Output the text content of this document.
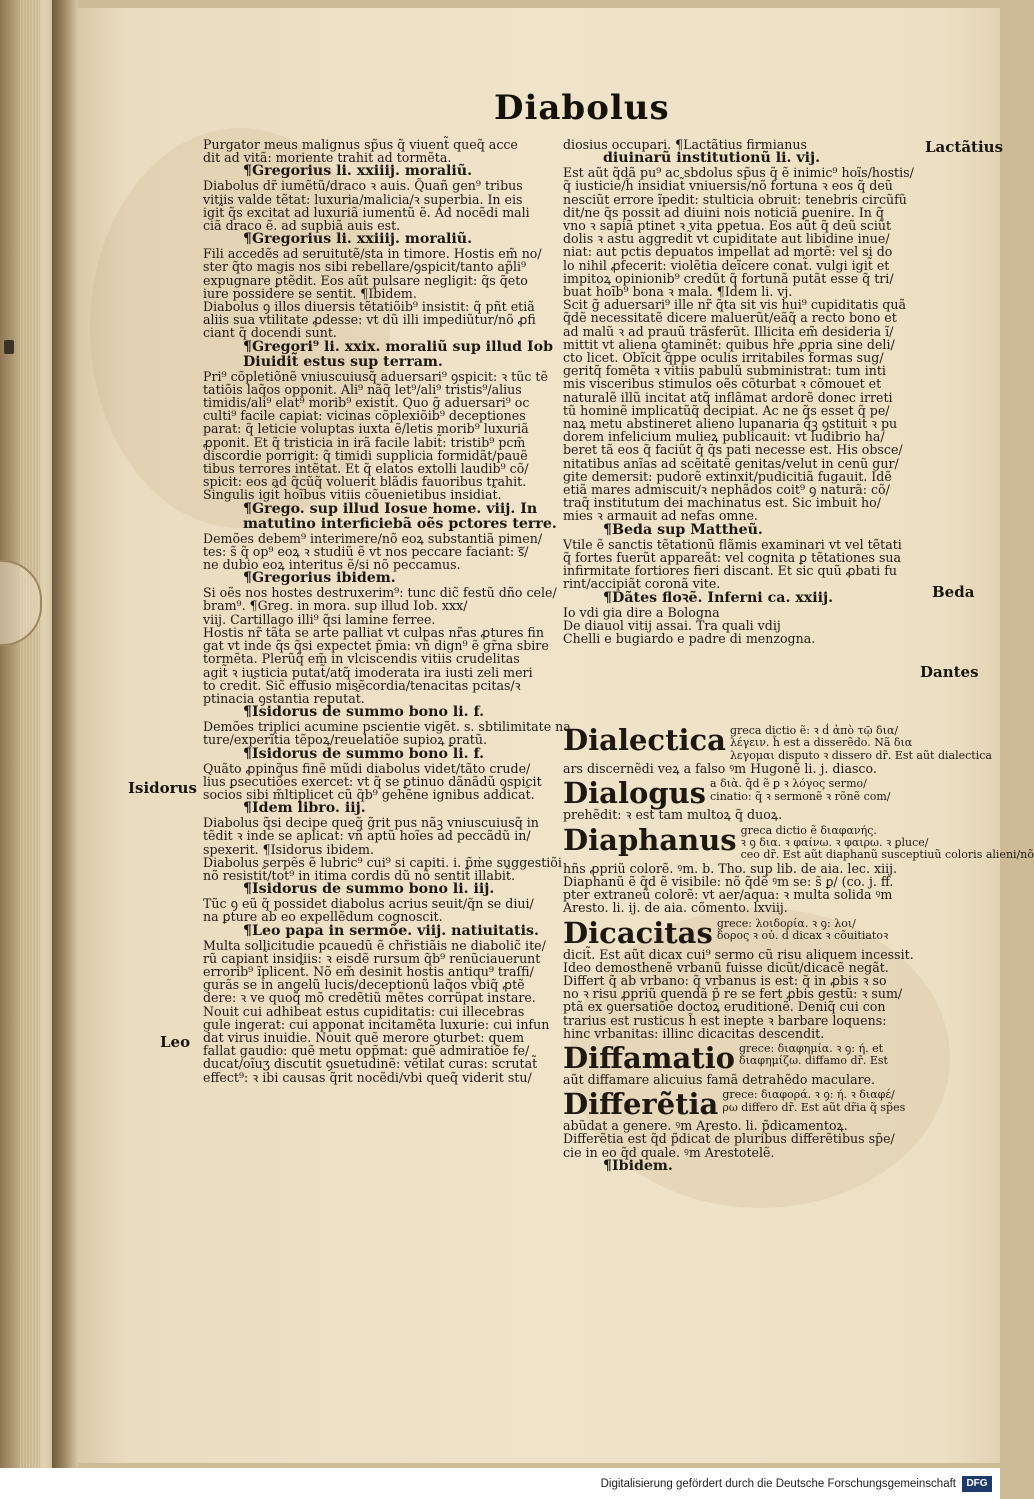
Diabolus
Lactãtius
Beda
Dantes
Isidorus
Leo
Purgator meus malignus sp̃us q̃ viuent̃ queq̃ acce
dit ad vitã: moriente trahit ad tormẽta.
¶Gregorius li. xxiiij. moraliũ.
Diabolus dr̃ iumẽtũ/draco ꝛ auis. Q̃uañ gen⁹ tribus
vitiis valde tẽtat: luxuria/malicia/ꝛ superbia. In eis
igit̃ q̃s excitat ad luxuriã iumentũ ẽ. Ad nocẽdi mali
ciã draco ẽ. ad supbiã auis est.
¶Gregorius li. xxiiij. moraliũ.
Fili accedẽs ad seruitutẽ/sta in timore. Hostis em̃ no/
ster q̃to magis nos sibi rebellare/ꝯspicit/tanto ap̃li⁹
expugnare ꝑtẽdit. Eos aũt pulsare negligit: q̃s q̃eto
iure possidere se sentit. ¶Ibidem.
Diabolus ꝯ illos diuersis tẽtatiõib⁹ insistit: q̃ pñt etiã
aliis sua vtilitate ꝓdesse: vt dũ illi impediũtur/nõ ꝓfi
ciant q̃ docendi sunt.
¶Gregori⁹ li. xxix. moraliũ sup illud Iob
Diuidit̃ estus sup terram.
Pri⁹ cõpletiõnẽ vniuscuiusq̃ aduersari⁹ ꝯspicit: ꝛ tũc tẽ
tatiõis laq̃os opponit. Ali⁹ nãq̃ let⁹/ali⁹ tristis⁹/alius
timidis/ali⁹ elat⁹ morib⁹ existit. Quo g̃ aduersari⁹ oc
culti⁹ facile capiat: vicinas cõplexiõib⁹ deceptiones
parat: q̃ leticie voluptas iuxta ẽ/letis morib⁹ luxuriã
ꝓponit. Et q̃ tristicia in irã facile labit̃: tristib⁹ pcm̃
discordie porrigit: q̃ timidi supplicia formidãt/pauẽ
tibus terrores intẽtat. Et q̃ elatos extolli laudib⁹ cõ/
spicit: eos ad q̃cũq̃ voluerit blãdis fauoribus trahit.
Singulis igit̃ hoĩbus vitiis cõuenietibus insidiat̃.
¶Grego. sup illud Iosue home. viij. In
matutino interficiebã oẽs pctores terre.
Demões debem⁹ interimere/nõ eoꝝ substantiã pimen/
tes: s̃ q̃ op⁹ eoꝝ ꝛ studiũ ẽ vt nos peccare faciant: sᷓ/
ne dubio eoꝝ interitus ẽ/si nõ peccamus.
¶Gregorius ibidem.
Si oẽs nos hostes destruxerim⁹: tunc dic̃ festũ dño cele/
bram⁹. ¶Greg. in mora. sup illud Iob. xxx/
viij. Cartillago illi⁹ q̃si lamine ferree.
Hostis nr̃ tãta se arte palliat vt culpas nr̃as ꝓtures fin
gat vt inde q̃s q̃si expectet p̃mia: vñ dign⁹ ẽ gr̃na sbire
tormẽta. Plerũq̃ em̃ in vlciscendis vitiis crudelitas
agit̃ ꝛ iusticia putat̃/atq̃ imoderata ira iusti zeli meri
to credit̃. Sic̃ effusio misẽcordia/tenacitas pcitas/ꝛ
ptinacia ꝯstantia reputat̃.
¶Isidorus de summo bono li. f.
Demões triplici acumine pscientie vigẽt. s. sbtilimitate na
ture/experĩtia tẽpoꝝ/reuelatiõe supioꝝ ꝑratũ.
¶Isidorus de summo bono li. f.
Quãto ꝓpinq̃us finẽ mũdi diabolus videt/tãto crude/
lius ꝑsecutiões exercet: vt q̃ se ꝑtinuo dãnãdũ ꝯspicit
socios sibi m̃ltiplicet cũ q̃b⁹ gehẽne ignibus addicat̃.
¶Idem libro. iij.
Diabolus q̃si decipe queq̃ g̃rit pus nãꝫ vniuscuiusq̃ in
tẽdit ꝛ inde se aplicat: vñ aptũ hoĩes ad peccãdũ in/
spexerit. ¶Isidorus ibidem.
Diabolus serpẽs ẽ lubric⁹ cui⁹ si capiti. i. p̃ṁe suggestiõi
nõ resistit̃/tot⁹ in itima cordis dũ nõ sentit̃ illabit̃.
¶Isidorus de summo bono li. iij.
Tũc ꝯ eũ q̃ possidet diabolus acrius seuit/q̃n se diui/
na ꝑture ab eo expellẽdum cognoscit.
¶Leo papa in sermõe. viij. natiuitatis.
Multa sollicitudie pcauedũ ẽ chr̃istiãis ne diabolic̃ ite/
rũ capiant̃ insidiis: ꝛ eisdẽ rursum q̃b⁹ renũciauerunt
errorib⁹ ĩplicent̃. Nõ em̃ desinit hostis antiqu⁹ traſfi/
gurãs se in angelũ lucis/deceptionũ laq̃os vbiq̃ ꝓtẽ
dere: ꝛ ve quoq̃ mõ credẽtiũ mẽtes corrũpat instare.
Nouit cui adhibeat estus cupiditatis: cui illecebras
gule ingerat: cui apponat incitamẽta luxurie: cui infun
dat virus inuidie. Nouit quẽ merore ꝯturbet: quem
fallat gaudio: quẽ metu opp̃mat: quẽ admiratiõe fe/
ducat/oĩuʒ discutit ꝯsuetudinẽ: vẽtilat curas: scrutat̃
effect⁹: ꝛ ibi causas q̃rit nocẽdi/vbi queq̃ viderit stu/
diosius occupari. ¶Lactãtius firmianus
diuinarũ institutionũ li. vij.
Est aũt q̃dã pu⁹ ac sbdolus sp̃us q̃ ẽ inimic⁹ hoĩs/hostis/
q̃ iusticie/h̃ insidiat̃ vniuersis/nõ fortuna ꝛ eos q̃ deũ
nesciũt errore ĩpedit: stulticia obruit: tenebris circũfũ
dit/ne q̃s possit ad diuini nois noticiã ꝑuenire. In q̃
vno ꝛ sapiã ptinet ꝛ vita ꝑpetua. Eos aũt q̃ deũ sciũt
dolis ꝛ astu aggredit̃ vt cupiditate aut libidine inue/
niat: aut pctis depuatos impellat ad mortẽ: vel si do
lo nihil ꝓfecerit: violẽtia deĩcere conat̃. vulgi igit̃ et
impitoꝝ opinionib⁹ credũt q̃ fortunã putãt esse q̃ tri/
buat hoĩb⁹ bona ꝛ mala. ¶Idem li. vj.
Scit g̃ aduersari⁹ ille nr̃ q̃ta sit vis hui⁹ cupiditatis quã
q̃dẽ necessitatẽ dicere maluerũt/eãq̃ a recto bono et
ad malũ ꝛ ad prauũ trãsferũt. Illicita em̃ desideria ĩ/
mittit vt aliena ꝯtaminẽt: quibus hr̃e ꝓpria sine deli/
cto licet. Obĩcit q̃ppe oculis irritabiles formas sug/
geritq̃ fomẽta ꝛ vitiis pabulũ subministrat: tum inti
mis visceribus stimulos oẽs cõturbat ꝛ cõmouet et
naturalẽ illũ incitat atq̃ inflãmat ardorẽ donec irreti
tũ hominẽ implicatũq̃ decipiat. Ac ne q̃s esset q̃ pe/
naꝝ metu abstineret alieno lupanaria q̃ꝫ ꝯstituit ꝛ pu
dorem infelicium mulieꝝ publicauit: vt ludibrio ha/
beret tã eos q̃ faciũt q̃ q̃s pati necesse est. His obsce/
nitatibus anĩas ad scẽitatẽ genitas/velut in cenũ gur/
gite demersit: pudorẽ extinxit/pudicitiã fugauit. Idẽ
etiã mares admiscuit/ꝛ nephãdos coit⁹ ꝯ naturã: cõ/
traq̃ institutum dei machinatus est. Sic imbuit ho/
mies ꝛ armauit ad nefas omne.
¶Beda sup Mattheũ.
Vtile ẽ sanctis tẽtationũ flãmis examinari vt vel tẽtati
q̃ fortes fuerũt appareãt: vel cognita ꝑ tẽtationes sua
infirmitate fortiores fieri discant. Et sic quũ ꝓbati fu
rint/accipiãt coronã vite.
¶Dãtes floꝛẽ. Inferni ca. xxiij.
Io vdi gia dire a Bologna
De diauol vitij assai. Tra quali vdij
Chelli e bugiardo e padre di menzogna.
Dialectica greca dictio ẽ: ꝛ ḋ ἀπὸ τῷ δια/
λέγειν. h̃ est a disserẽdo. Nã δια
λεγομαι disputo ꝛ dissero dr̃. Est aũt dialectica
ars discernẽdi veꝝ a falso ꝰm Hugonẽ li. j. diasco.
Dialogus a διὰ. q̃d ẽ ꝑ ꝛ λόγος sermo/
cinatio: q̃ ꝛ sermonẽ ꝛ rõnẽ com/
prehẽdit: ꝛ est tam multoꝝ q̃ duoꝝ.
Diaphanus greca dictio ẽ διαφανής.
ꝛ ꝯ δια. ꝛ φαίνω. ꝛ φαιρω. ꝛ ꝑluce/
ceo dr̃. Est aũt diaphanũ susceptiuũ coloris alieni/nõ
hñs ꝓpriũ colorẽ. ꝰm. b. Tho. sup lib. de aia. lec. xiij.
Diaphanũ ẽ q̃d ẽ visibile: nõ q̃dẽ ꝰm se: s̃ ꝑ/ (co. j. ff.
pter extraneũ colorẽ: vt aer/aqua: ꝛ multa solida ꝰm
Aresto. li. ij. de aia. cõmento. lxviij.
Dicacitas grece: λοιδορία. ꝛ ꝯ: λοι/
δορος ꝛ οὐ. ḋ dicax ꝛ cõuitiatoꝛ
dicit̃. Est aũt dicax cui⁹ sermo cũ risu aliquem incessit.
Ideo demosthenẽ vrbanũ fuisse dicũt/dicacẽ negãt.
Differt q̃ ab vrbano: q̃ vrbanus is est: q̃ in ꝓbis ꝛ so
no ꝛ risu ꝓpriũ quendã p̃ re se fert ꝓbis gestũ: ꝛ sum/
ptã ex ꝯuersatiõe doctoꝝ eruditionẽ. Deniq̃ cui con
trarius est rusticus h̃ est inepte ꝛ barbare loquens:
hinc vrbanitas: illinc dicacitas descendit.
Diffamatio grece: διαφημία. ꝛ ꝯ: ή. et
διαφημίζω. diffamo dr̃. Est
aũt diffamare alicuius famã detrahẽdo maculare.
Differẽtia grece: διαφορά. ꝛ ꝯ: ή. ꝛ διαφέ/
ρω differo dr̃. Est aũt dr̃ia q̃ sp̃es
abũdat a genere. ꝰm Aresto. li. p̃dicamentoꝝ.
Differẽtia est q̃d p̃dicat̃ de pluribus differẽtibus sp̃e/
cie in eo q̃d quale. ꝰm Arestotelẽ.
¶Ibidem.
Digitalisierung gefördert durch die Deutsche Forschungsgemeinschaft	DFG
